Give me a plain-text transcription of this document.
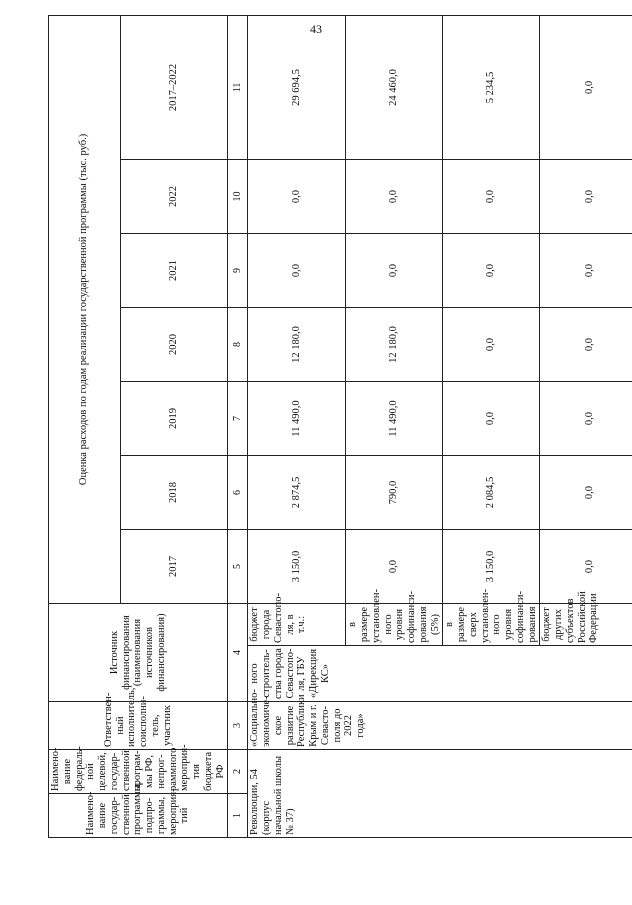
43
Наимено-вание государ-ственной программы, подпро-граммы, мероприя-тий	Наимено-вание федераль-ной целевой, государ-ственной програм-мы РФ, непрог-раммного мероприя-тия бюджета РФ	Ответствен-ный исполнитель, соисполни-тель, участник	Источник финансирования (наименования источников финансирования)		Оценка расходов по годам реализации государственной программы (тыс. руб.)						
					2017	2018	2019	2020	2021	2022	2017–2022
1	2	3	4		5	6	7	8	9	10	11
Революции, 54 (корпус начальной школы № 37)		«Социально-экономиче-ское развитие Республики Крым и г. Севасто-поля до 2022 года»	ного строитель-ства города Севастопо-ля, ГБУ «Дирекция КС»	бюджет города Севастопо-ля, в т.ч.:	3 150,0	2 874,5	11 490,0	12 180,0	0,0	0,0	29 694,5
				в размере установлен-ного уровня софинанси-рования (5%)	0,0	790,0	11 490,0	12 180,0	0,0	0,0	24 460,0
				в размере сверх установлен-ного уровня софинанси-рования	3 150,0	2 084,5	0,0	0,0	0,0	0,0	5 234,5
				бюджет других субъектов Российской Федерации	0,0	0,0	0,0	0,0	0,0	0,0	0,0
